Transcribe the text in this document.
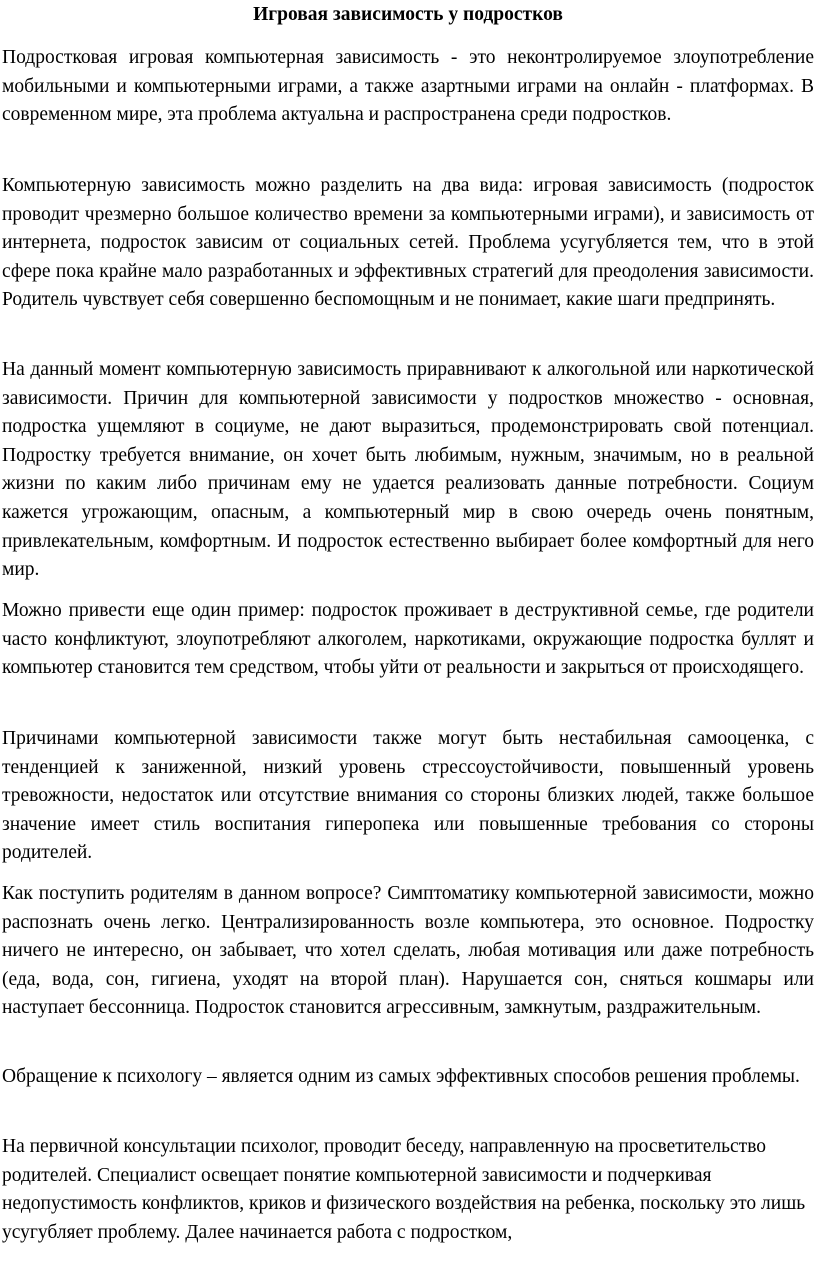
Игровая зависимость у подростков

Подростковая игровая компьютерная зависимость - это неконтролируемое злоупотребление мобильными и компьютерными играми, а также азартными играми на онлайн - платформах. В современном мире, эта проблема актуальна и распространена среди подростков.

Компьютерную зависимость можно разделить на два вида: игровая зависимость (подросток проводит чрезмерно большое количество времени за компьютерными играми), и зависимость от интернета, подросток зависим от социальных сетей. Проблема усугубляется тем, что в этой сфере пока крайне мало разработанных и эффективных стратегий для преодоления зависимости. Родитель чувствует себя совершенно беспомощным и не понимает, какие шаги предпринять.

На данный момент компьютерную зависимость приравнивают к алкогольной или наркотической зависимости. Причин для компьютерной зависимости у подростков множество - основная, подростка ущемляют в социуме, не дают выразиться, продемонстрировать свой потенциал. Подростку требуется внимание, он хочет быть любимым, нужным, значимым, но в реальной жизни по каким либо причинам ему не удается реализовать данные потребности. Социум кажется угрожающим, опасным, а компьютерный мир в свою очередь очень понятным, привлекательным, комфортным. И подросток естественно выбирает более комфортный для него мир.

Можно привести еще один пример: подросток проживает в деструктивной семье, где родители часто конфликтуют, злоупотребляют алкоголем, наркотиками, окружающие подростка буллят и компьютер становится тем средством, чтобы уйти от реальности и закрыться от происходящего.

Причинами компьютерной зависимости также могут быть нестабильная самооценка, с тенденцией к заниженной, низкий уровень стрессоустойчивости, повышенный уровень тревожности, недостаток или отсутствие внимания со стороны близких людей, также большое значение имеет стиль воспитания гиперопека или повышенные требования со стороны родителей.

Как поступить родителям в данном вопросе? Симптоматику компьютерной зависимости, можно распознать очень легко. Централизированность возле компьютера, это основное. Подростку ничего не интересно, он забывает, что хотел сделать, любая мотивация или даже потребность (еда, вода, сон, гигиена, уходят на второй план). Нарушается сон, сняться кошмары или наступает бессонница. Подросток становится агрессивным, замкнутым, раздражительным.

Обращение к психологу – является одним из самых эффективных способов решения проблемы.

На первичной консультации психолог, проводит беседу, направленную на просветительство родителей. Специалист освещает понятие компьютерной зависимости и подчеркивая недопустимость конфликтов, криков и физического воздействия на ребенка, поскольку это лишь усугубляет проблему. Далее начинается работа с подростком,
